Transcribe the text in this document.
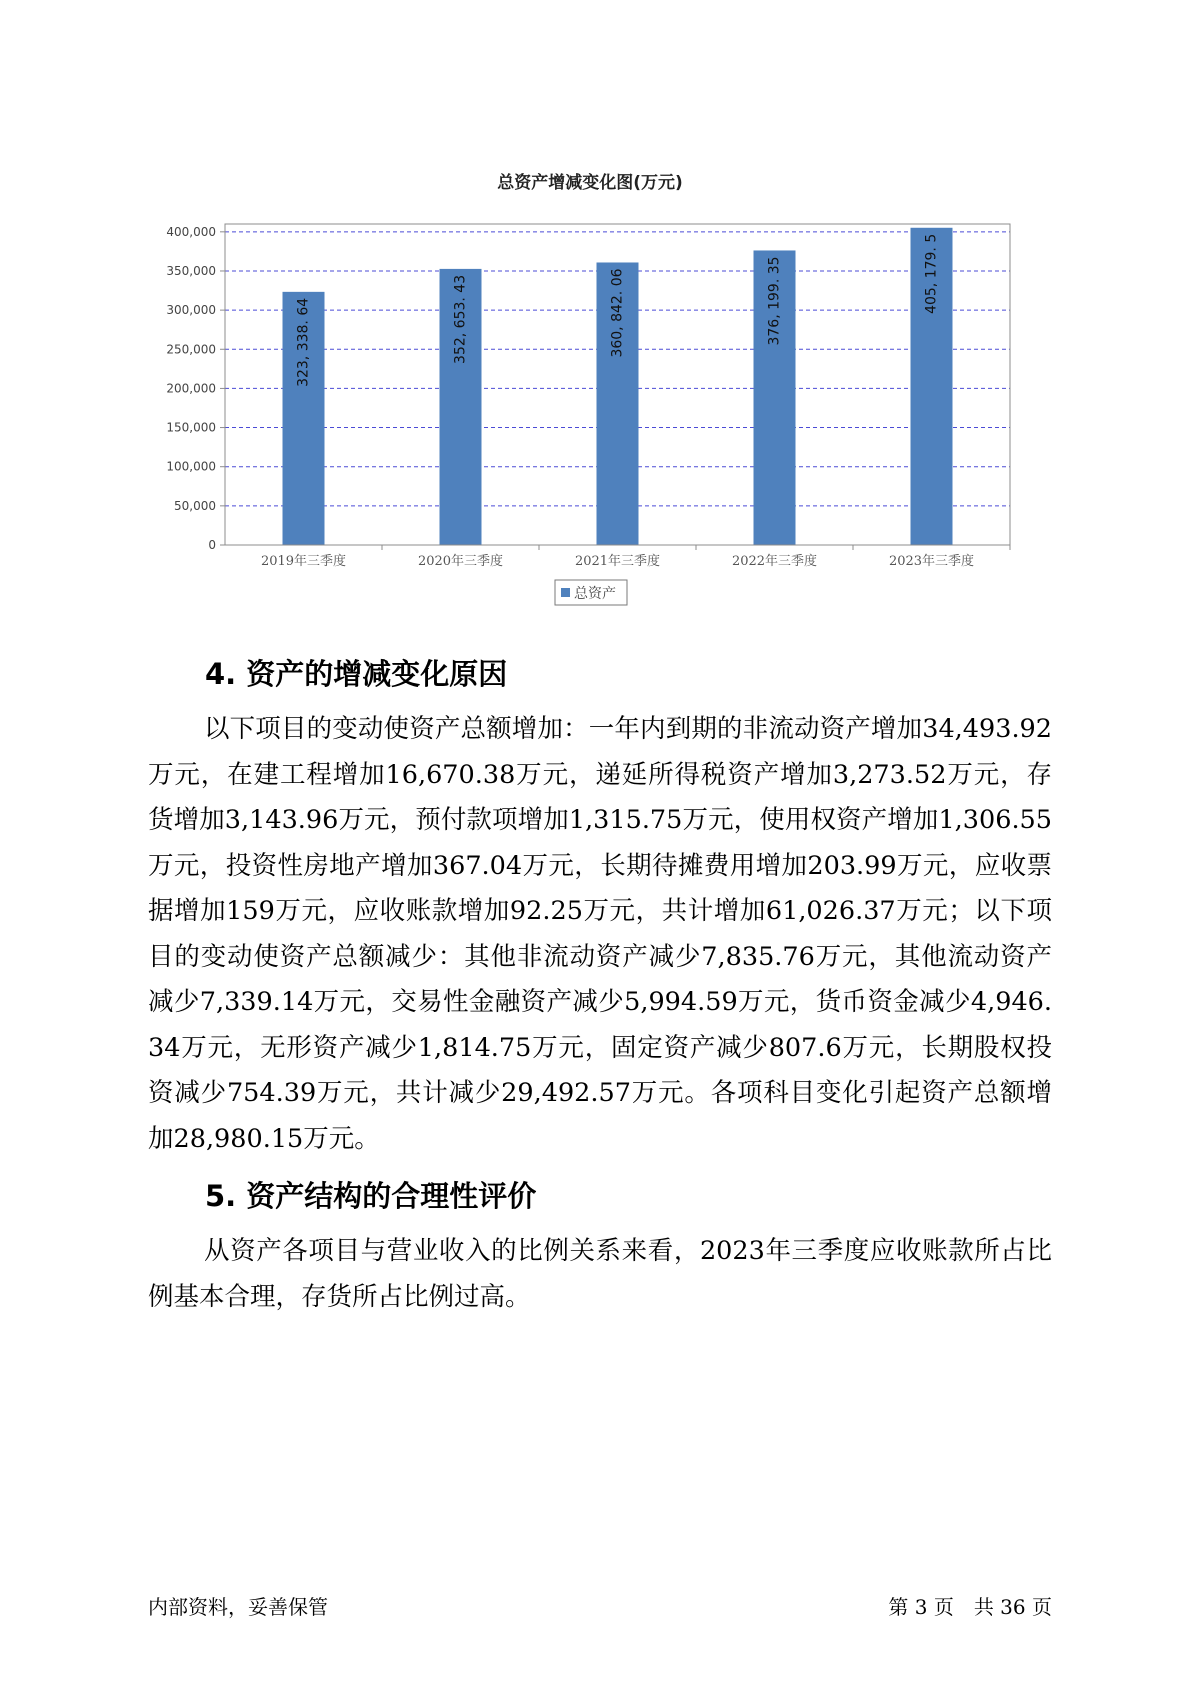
总资产增减变化图(万元)
0
50,000
100,000
150,000
200,000
250,000
300,000
350,000
400,000
323, 338. 64	352, 653. 43	360, 842. 06	376, 199. 35	405, 179. 5
2019年三季度	2020年三季度	2021年三季度	2022年三季度	2023年三季度
总资产
4. 资产的增减变化原因

以下项目的变动使资产总额增加：一年内到期的非流动资产增加34,493.92万元，在建工程增加16,670.38万元，递延所得税资产增加3,273.52万元，存货增加3,143.96万元，预付款项增加1,315.75万元，使用权资产增加1,306.55万元，投资性房地产增加367.04万元，长期待摊费用增加203.99万元，应收票据增加159万元，应收账款增加92.25万元，共计增加61,026.37万元；以下项目的变动使资产总额减少：其他非流动资产减少7,835.76万元，其他流动资产减少7,339.14万元，交易性金融资产减少5,994.59万元，货币资金减少4,946.34万元，无形资产减少1,814.75万元，固定资产减少807.6万元，长期股权投资减少754.39万元，共计减少29,492.57万元。各项科目变化引起资产总额增加28,980.15万元。

5. 资产结构的合理性评价

从资产各项目与营业收入的比例关系来看，2023年三季度应收账款所占比例基本合理，存货所占比例过高。

内部资料，妥善保管	第 3 页　共 36 页
